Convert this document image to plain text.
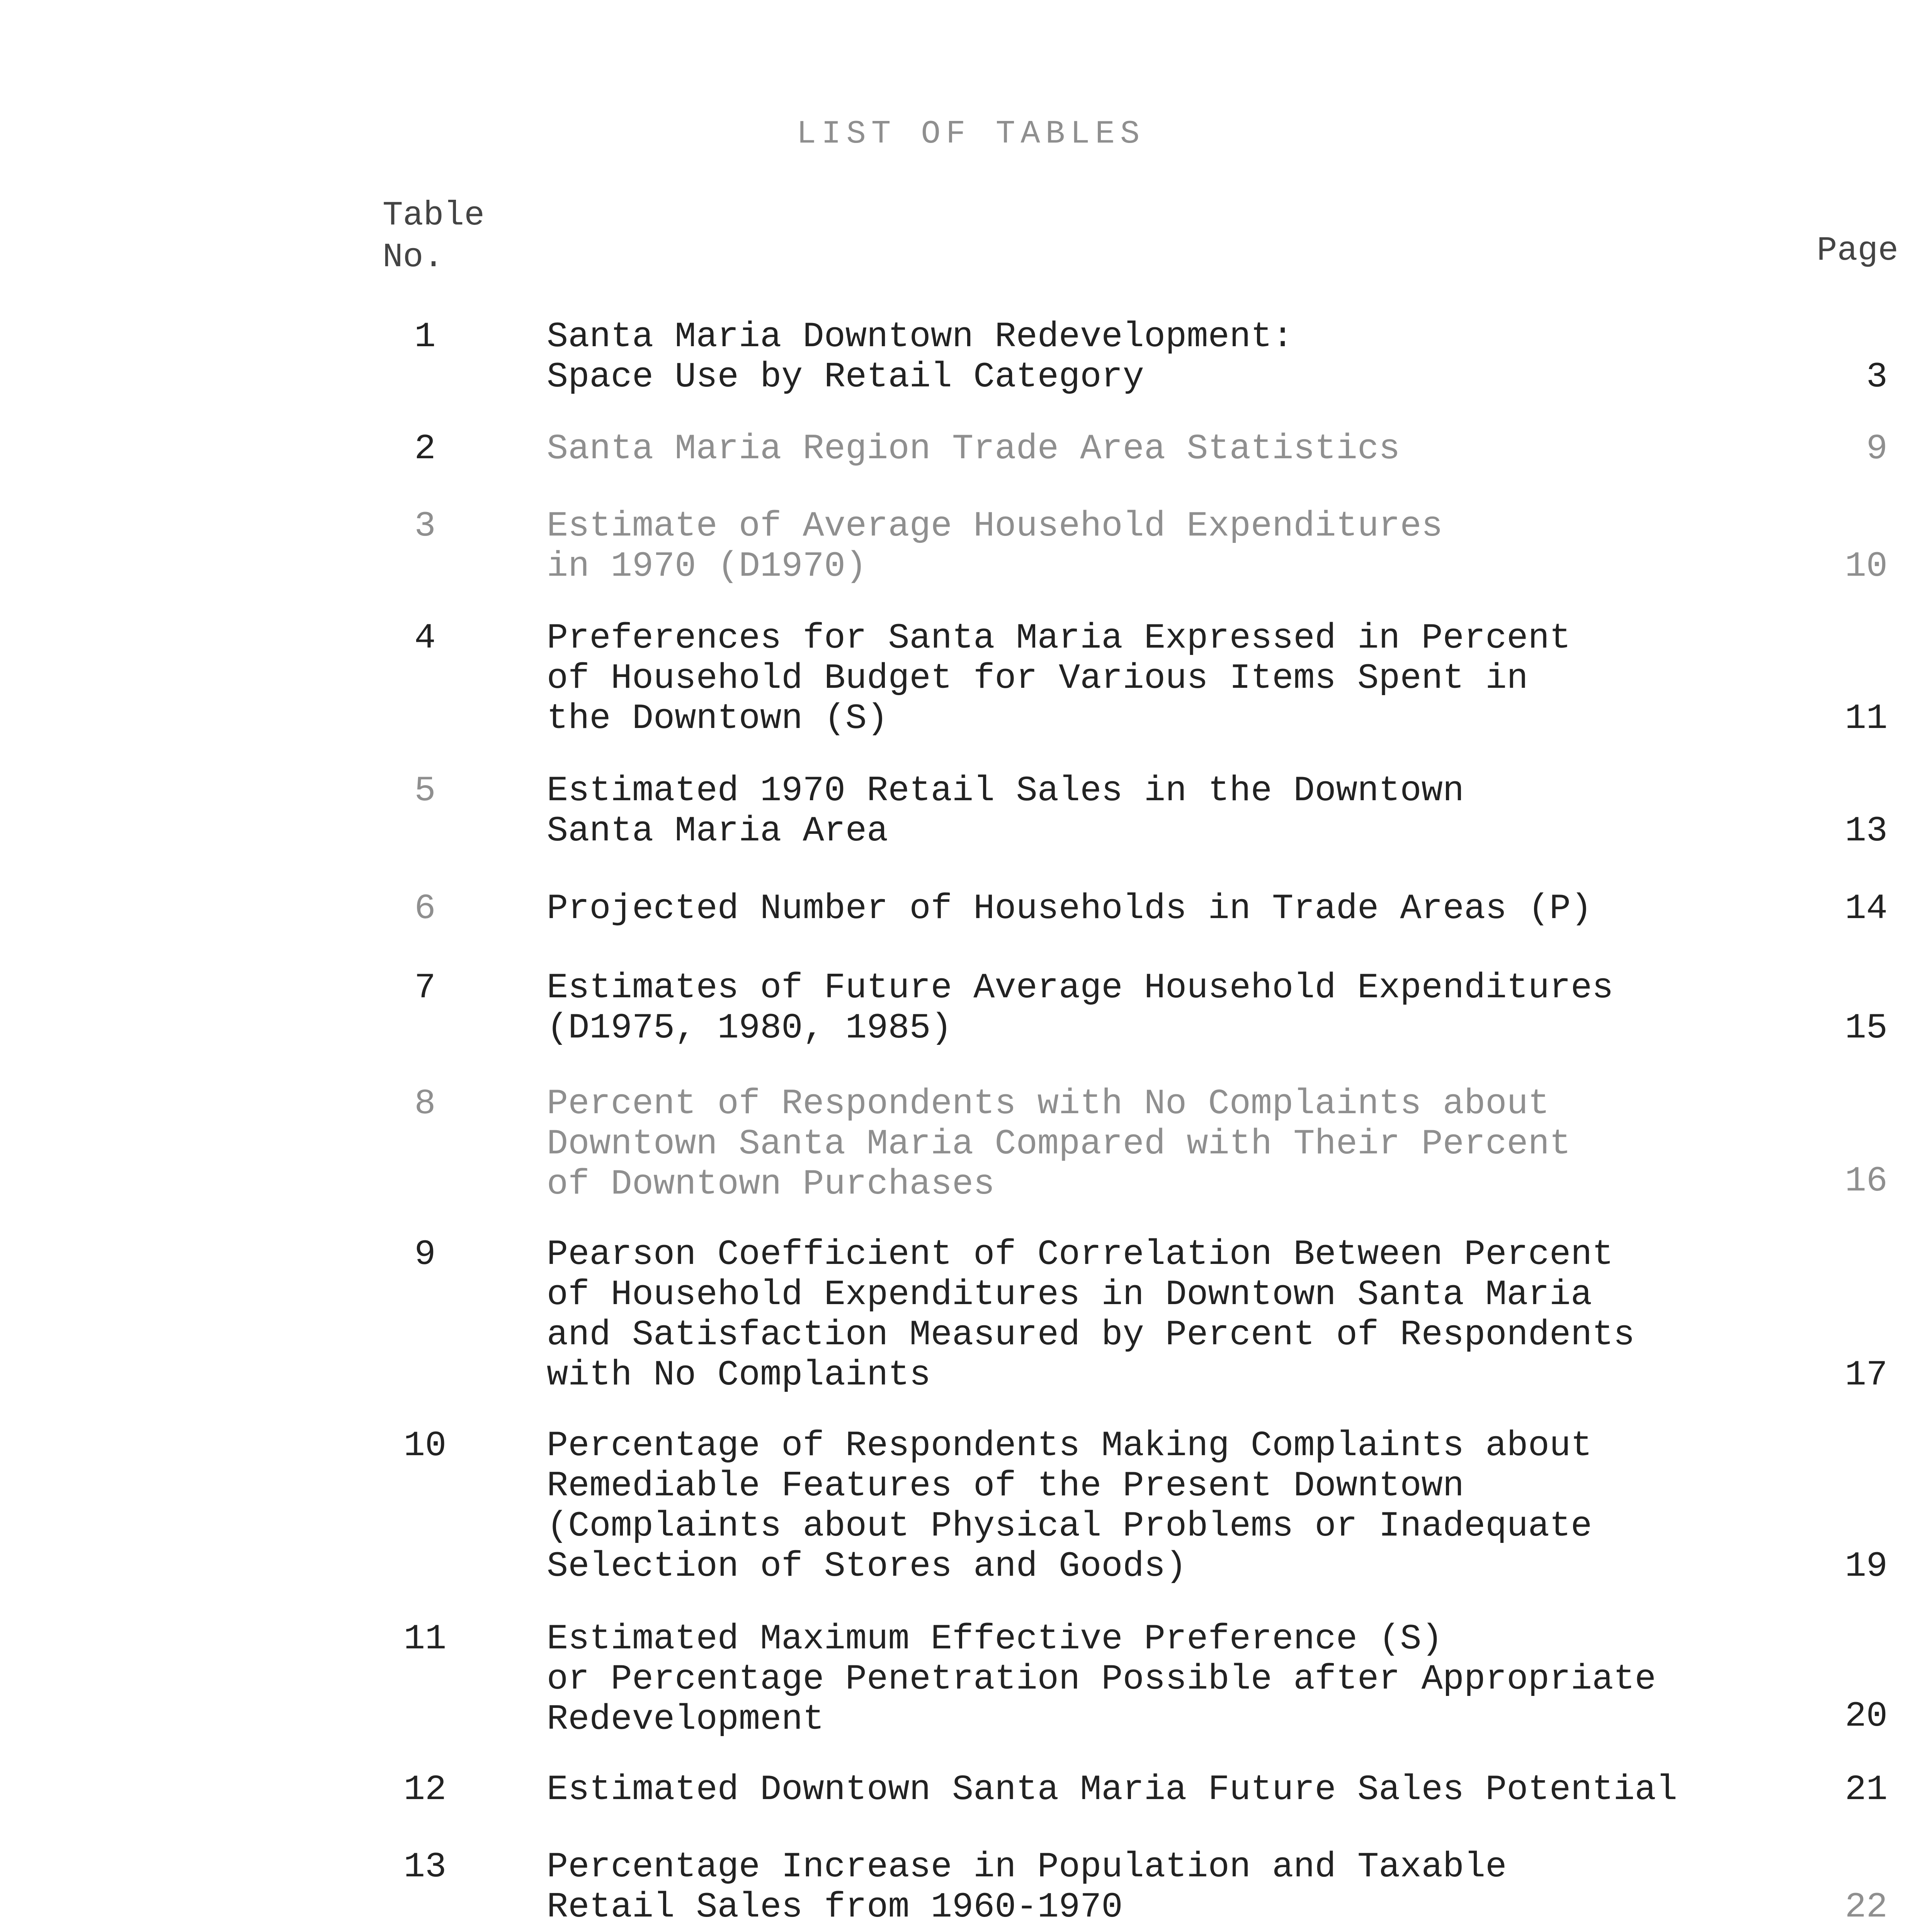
LIST OF TABLES
Table
No.	Page
1	Santa Maria Downtown Redevelopment:
Space Use by Retail Category	3
2	Santa Maria Region Trade Area Statistics	9
3	Estimate of Average Household Expenditures
in 1970 (D1970)	10
4	Preferences for Santa Maria Expressed in Percent
of Household Budget for Various Items Spent in
the Downtown (S)	11
5	Estimated 1970 Retail Sales in the Downtown
Santa Maria Area	13
6	Projected Number of Households in Trade Areas (P)	14
7	Estimates of Future Average Household Expenditures
(D1975, 1980, 1985)	15
8	Percent of Respondents with No Complaints about
Downtown Santa Maria Compared with Their Percent
of Downtown Purchases	16
9	Pearson Coefficient of Correlation Between Percent
of Household Expenditures in Downtown Santa Maria
and Satisfaction Measured by Percent of Respondents
with No Complaints	17
10	Percentage of Respondents Making Complaints about
Remediable Features of the Present Downtown
(Complaints about Physical Problems or Inadequate
Selection of Stores and Goods)	19
11	Estimated Maximum Effective Preference (S)
or Percentage Penetration Possible after Appropriate
Redevelopment	20
12	Estimated Downtown Santa Maria Future Sales Potential	21
13	Percentage Increase in Population and Taxable
Retail Sales from 1960-1970	22
